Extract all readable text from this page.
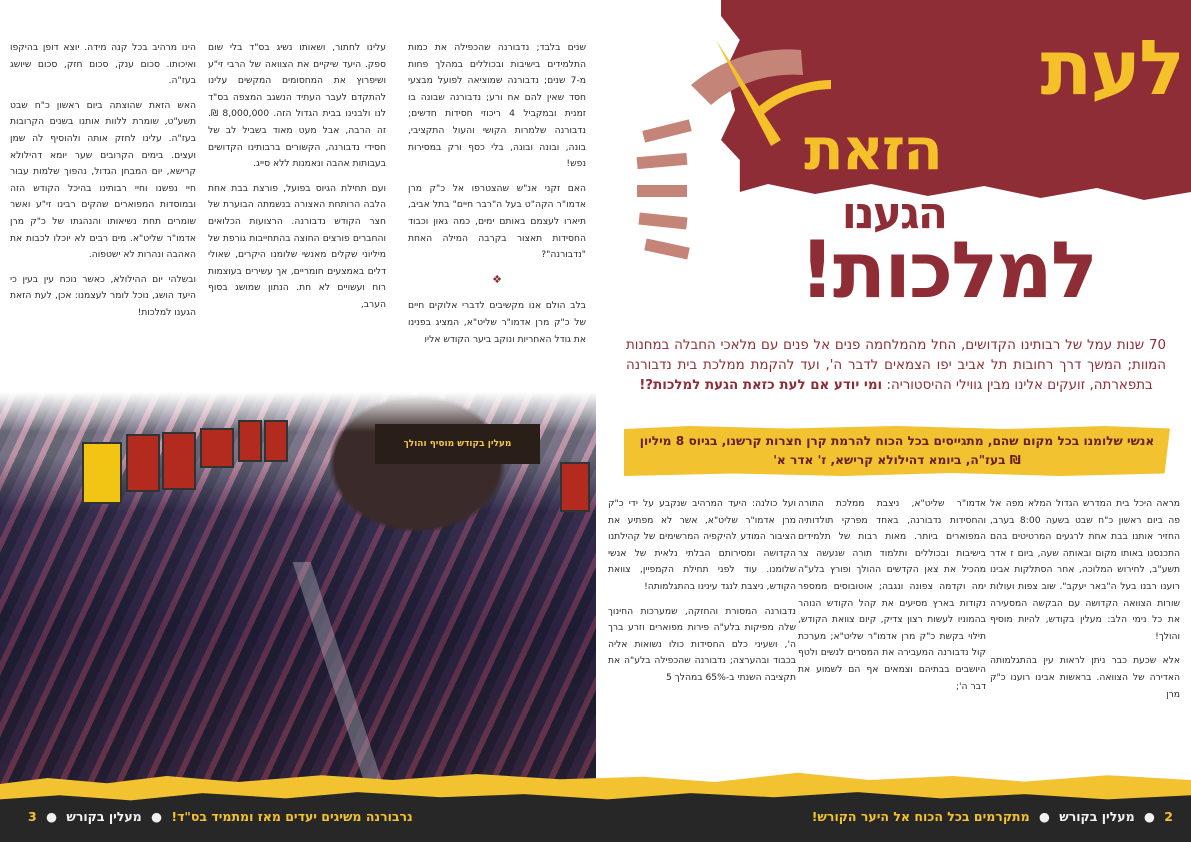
שנים בלבד; נדבורנה שהכפילה את כמות התלמידים בישיבות ובכוללים במהלך פחות מ-7 שנים; נדבורנה שמוציאה לפועל מבצעי חסד שאין להם אח ורע; נדבורנה שבונה בו זמנית ובמקביל 4 ריכוזי חסידות חדשים; נדבורנה שלמרות הקושי והעול התקציבי, בונה, ובונה ובונה, בלי כסף ורק במסירות נפש!

האם זקני אנ"ש שהצטרפו אל כ"ק מרן אדמו"ר הקה"ט בעל ה"רבר חיים" בתל אביב, תיארו לעצמם באותם ימים, כמה גאון וכבוד החסידות תאצור בקרבה המילה האחת "נדבורנה"?

❖

בלב הולם אנו מקשיבים לדברי אלוקים חיים של כ"ק מרן אדמו"ר שליט"א, המציג בפנינו את גודל האחריות ונוקב ביער הקודש אליו

עלינו לחתור, ושאותו נשיג בס"ד בלי שום ספק. היעד שיקיים את הצוואה של הרבי זי"ע ושיפרוץ את המחסומים המקשים עלינו להתקדם לעבר העתיד הנשגב המצפה בס"ד לנו ולבנינו בבית הגדול הזה. 8,000,000 ₪. זה הרבה, אבל מעט מאוד בשביל לב של חסידי נדבורנה, הקשורים ברבותינו הקדושים בעבותות אהבה ונאמנות ללא סייג.

ועם תחילת הגיוס בפועל, פורצת בבת אחת הלבה הרותחת האצורה בנשמתה הבוערת של חצר הקודש נדבורנה. הרצועות הכלואים והחברים פורצים החוצה בהתחייבות גורפת של מיליוני שקלים מאנשי שלומנו היקרים, שאולי דלים באמצעים חומריים, אך עשירים בעוצמות רוח ועשויים לא חת. הנתון שמושג בסוף הערב,

הינו מרהיב בכל קנה מידה. יוצא דופן בהיקפו ואיכותו. סכום ענק, סכום חזק, סכום שיושג בעז"ה.

האש הזאת שהוצתה ביום ראשון כ"ח שבט תשע"ט, שומרת ללוות אותנו בשנים הקרובות בעז"ה. עלינו לחזק אותה ולהוסיף לה שמן ועצים. בימים הקרובים שער יומא דהילולא קרישא, יום המבחן הגדול, נהפוך שלמות עבור חיי נפשנו וחיי רבותינו בהיכל הקודש הזה ובמוסדות המפוארים שהקים רבינו זי"ע ואשר שומרים תחת נשיאותו והנהגתו של כ"ק מרן אדמו"ר שליט"א. מים רבים לא יוכלו לכבות את האהבה ונהרות לא ישטפוה.

ובשלהי יום ההילולא, כאשר נוכח עין בעין כי היעד הושג, נוכל לומר לעצמנו: אכן, לעת הזאת הגענו למלכות!

מעלין בקודש מוסיף והולך
לעת
הזאת
הגענו
למלכות!
70 שנות עמל של רבותינו הקדושים, החל מהמלחמה פנים אל פנים עם מלאכי החבלה במחנות המוות; המשך דרך רחובות תל אביב יפו הצמאים לדבר ה', ועד להקמת ממלכת בית נדבורנה בתפארתה, זועקים אלינו מבין גווילי ההיסטוריה: ומי יודע אם לעת כזאת הגעת למלכות?!
אנשי שלומנו בכל מקום שהם, מתגייסים בכל הכוח להרמת קרן חצרות קרשנו, בגיוס 8 מיליון ₪ בעז"ה, ביומא דהילולא קרישא, ז' אדר א'

מראה היכל בית המדרש הגדול המלא מפה אל פה ביום ראשון כ"ח שבט בשעה 8:00 בערב, החזיר אותנו בבת אחת לרגעים המרטיטים בהם התכנסנו באותו מקום ובאותה שעה, ביום ז אדר תשע"ב, לחירוש המלוכה, אחר הסתלקות אבינו רוענו רבנו בעל ה"באר יעקב". שוב צפות ועולות שורות הצוואה הקדושה עם הבקשה המסעירה את כל נימי הלב: מעלין בקודש, להיות מוסיף והולך!

אלא שכעת כבר ניתן לראות עין בהתגלמותה האדירה של הצוואה. בראשות אבינו רוענו כ"ק מרן

אדמו"ר שליט"א, ניצבת ממלכת התורה והחסידות נדבורנה, באחד מפרקי תולדותיה המפוארים ביותר. מאות רבות של תלמידים בישיבות ובכוללים ותלמוד תורה שנעשה צר מהכיל את צאן הקדשים ההולך ופורץ בלע"ה ימה וקדמה צפונה ונגבה; אוטובוסים ממספר נקודות בארץ מסיעים את קהל הקודש הנוהר בהמוניו לעשות רצון צדיק, קיום צוואת הקודש, תילוי בקשת כ"ק מרן אדמו"ר שליט"א; מערכת קול נדבורנה המעבירה את המסרים לנשים ולטף היושבים בבתיהם וצמאים אף הם לשמוע את דבר ה';

ועל כולנה: היעד המרהיב שנקבע על ידי כ"ק מרן אדמו"ר שליט"א, אשר לא מפתיע את הציבור המודע להיקפיה המרשימים של קהילתנו הקדושה ומסירותם הבלתי נלאית של אנשי שלומנו. עוד לפני תחילת הקמפיין, צוואת הקודש, ניצבת לנגד עינינו בהתגלמותה!

נדבורנה המסורת והחזקה, שמערכות החינוך שלה מפיקות בלע"ה פירות מפוארים וזרע ברך ה', ושעיני כלם החסידות כולו נשואות אליה בכבוד ובהערצה; נדבורנה שהכפילה בלע"ה את תקציבה השנתי ב-65% במהלך 5

נרבורנה משיגים יעדים מאז ומתמיד בס"ד! ● מעלין בקורש ● 3	2 ● מעלין בקורש ● מתקרמים בכל הכוח אל היער הקורש!
